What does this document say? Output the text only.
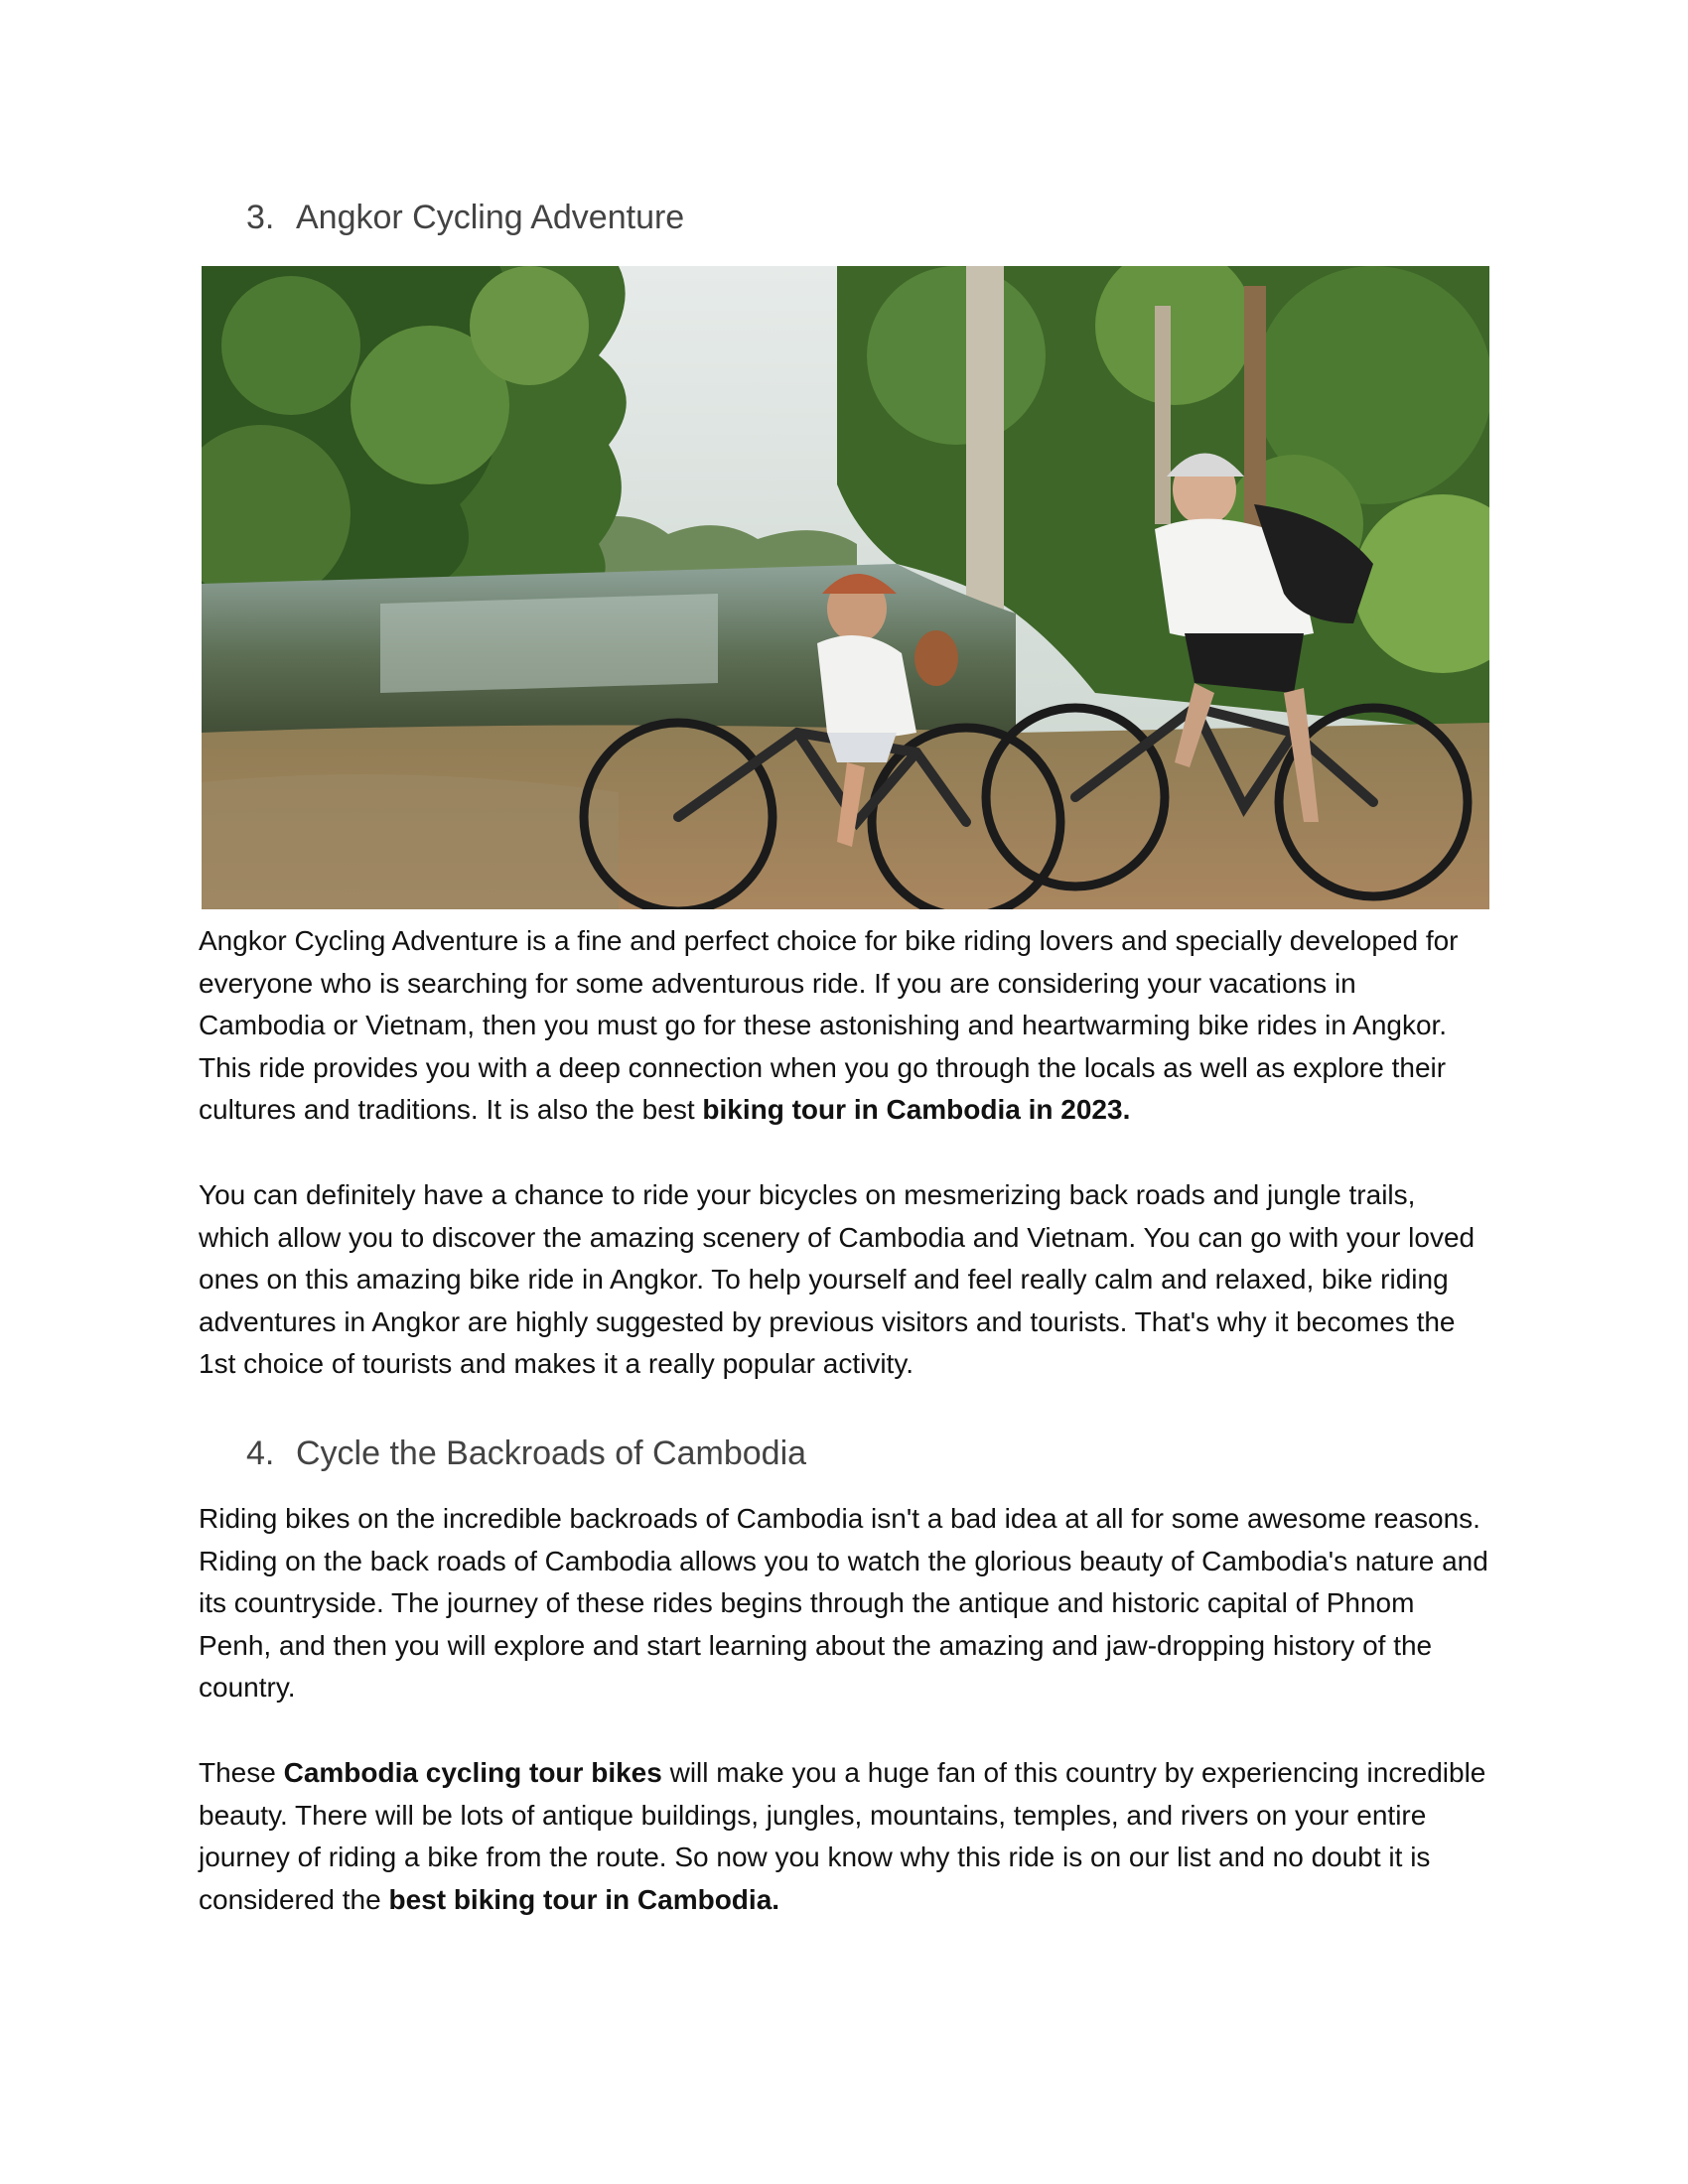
3. Angkor Cycling Adventure

Angkor Cycling Adventure is a fine and perfect choice for bike riding lovers and specially developed for everyone who is searching for some adventurous ride. If you are considering your vacations in Cambodia or Vietnam, then you must go for these astonishing and heartwarming bike rides in Angkor. This ride provides you with a deep connection when you go through the locals as well as explore their cultures and traditions. It is also the best biking tour in Cambodia in 2023.

You can definitely have a chance to ride your bicycles on mesmerizing back roads and jungle trails, which allow you to discover the amazing scenery of Cambodia and Vietnam. You can go with your loved ones on this amazing bike ride in Angkor. To help yourself and feel really calm and relaxed, bike riding adventures in Angkor are highly suggested by previous visitors and tourists. That's why it becomes the 1st choice of tourists and makes it a really popular activity.

4. Cycle the Backroads of Cambodia

Riding bikes on the incredible backroads of Cambodia isn't a bad idea at all for some awesome reasons. Riding on the back roads of Cambodia allows you to watch the glorious beauty of Cambodia's nature and its countryside. The journey of these rides begins through the antique and historic capital of Phnom Penh, and then you will explore and start learning about the amazing and jaw-dropping history of the country.

These Cambodia cycling tour bikes will make you a huge fan of this country by experiencing incredible beauty. There will be lots of antique buildings, jungles, mountains, temples, and rivers on your entire journey of riding a bike from the route. So now you know why this ride is on our list and no doubt it is considered the best biking tour in Cambodia.
